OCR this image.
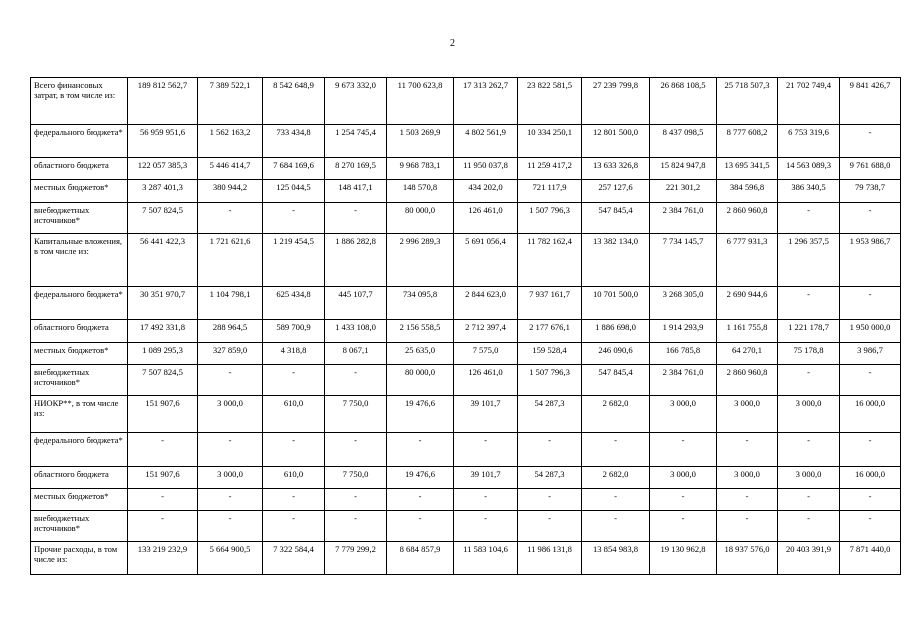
2
Всего финансовых затрат, в том числе из:	189 812 562,7	7 389 522,1	8 542 648,9	9 673 332,0	11 700 623,8	17 313 262,7	23 822 581,5	27 239 799,8	26 868 108,5	25 718 507,3	21 702 749,4	9 841 426,7
федерального бюджета*	56 959 951,6	1 562 163,2	733 434,8	1 254 745,4	1 503 269,9	4 802 561,9	10 334 250,1	12 801 500,0	8 437 098,5	8 777 608,2	6 753 319,6	-
областного бюджета	122 057 385,3	5 446 414,7	7 684 169,6	8 270 169,5	9 968 783,1	11 950 037,8	11 259 417,2	13 633 326,8	15 824 947,8	13 695 341,5	14 563 089,3	9 761 688,0
местных бюджетов*	3 287 401,3	380 944,2	125 044,5	148 417,1	148 570,8	434 202,0	721 117,9	257 127,6	221 301,2	384 596,8	386 340,5	79 738,7
внебюджетных источников*	7 507 824,5	-	-	-	80 000,0	126 461,0	1 507 796,3	547 845,4	2 384 761,0	2 860 960,8	-	-
Капитальные вложения, в том числе из:	56 441 422,3	1 721 621,6	1 219 454,5	1 886 282,8	2 996 289,3	5 691 056,4	11 782 162,4	13 382 134,0	7 734 145,7	6 777 931,3	1 296 357,5	1 953 986,7
федерального бюджета*	30 351 970,7	1 104 798,1	625 434,8	445 107,7	734 095,8	2 844 623,0	7 937 161,7	10 701 500,0	3 268 305,0	2 690 944,6	-	-
областного бюджета	17 492 331,8	288 964,5	589 700,9	1 433 108,0	2 156 558,5	2 712 397,4	2 177 676,1	1 886 698,0	1 914 293,9	1 161 755,8	1 221 178,7	1 950 000,0
местных бюджетов*	1 089 295,3	327 859,0	4 318,8	8 067,1	25 635,0	7 575,0	159 528,4	246 090,6	166 785,8	64 270,1	75 178,8	3 986,7
внебюджетных источников*	7 507 824,5	-	-	-	80 000,0	126 461,0	1 507 796,3	547 845,4	2 384 761,0	2 860 960,8	-	-
НИОКР**, в том числе из:	151 907,6	3 000,0	610,0	7 750,0	19 476,6	39 101,7	54 287,3	2 682,0	3 000,0	3 000,0	3 000,0	16 000,0
федерального бюджета*	-	-	-	-	-	-	-	-	-	-	-	-
областного бюджета	151 907,6	3 000,0	610,0	7 750,0	19 476,6	39 101,7	54 287,3	2 682,0	3 000,0	3 000,0	3 000,0	16 000,0
местных бюджетов*	-	-	-	-	-	-	-	-	-	-	-	-
внебюджетных источников*	-	-	-	-	-	-	-	-	-	-	-	-
Прочие расходы, в том числе из:	133 219 232,9	5 664 900,5	7 322 584,4	7 779 299,2	8 684 857,9	11 583 104,6	11 986 131,8	13 854 983,8	19 130 962,8	18 937 576,0	20 403 391,9	7 871 440,0
